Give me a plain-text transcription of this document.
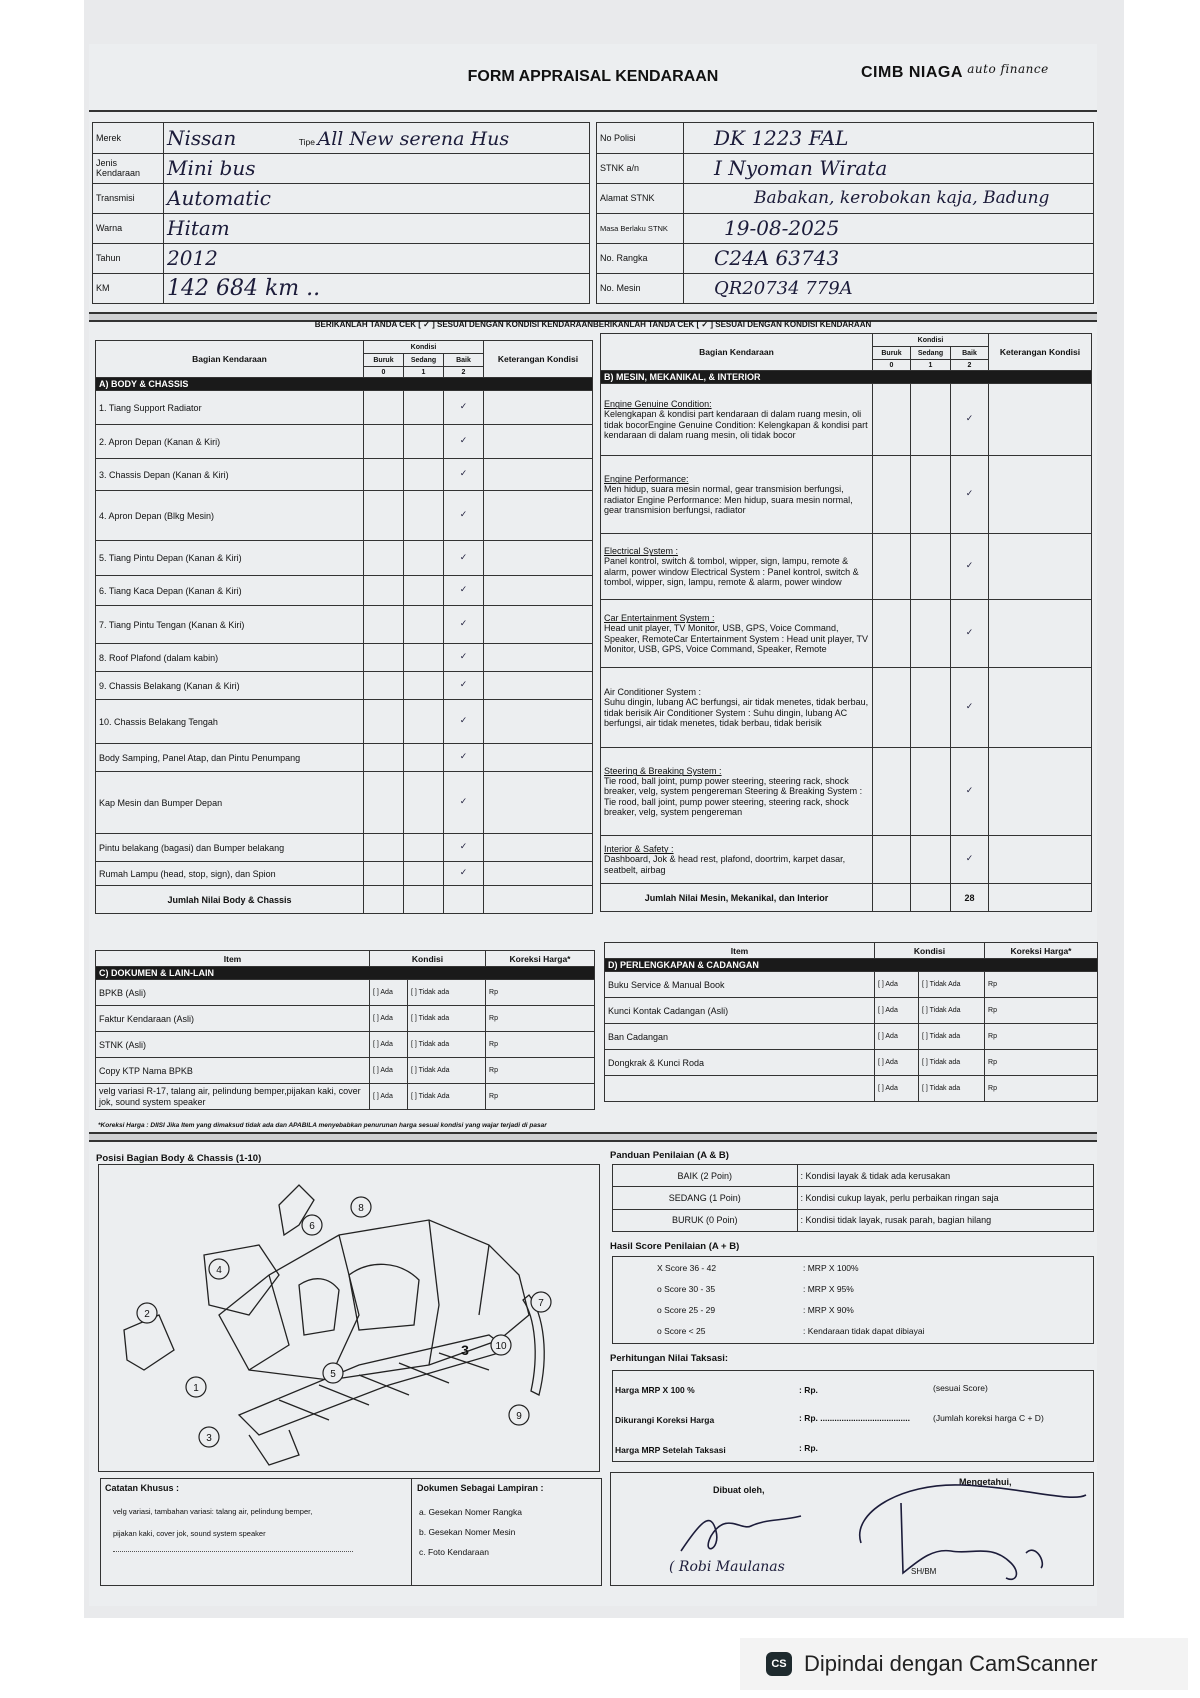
FORM APPRAISAL KENDARAAN	CIMB NIAGA $^{auto finance}$
Merek	Nissan Tipe All New serena Hus
Jenis Kendaraan	Mini bus
Transmisi	Automatic
Warna	Hitam
Tahun	2012
KM	142 684 km ..
No Polisi	DK 1223 FAL
STNK a/n	I Nyoman Wirata
Alamat STNK	Babakan, kerobokan kaja, Badung
Masa Berlaku STNK	19-08-2025
No. Rangka	C24A 63743
No. Mesin	QR20734 779A
BERIKANLAH TANDA CEK [ ✓ ] SESUAI DENGAN KONDISI KENDARAANBERIKANLAH TANDA CEK [ ✓ ] SESUAI DENGAN KONDISI KENDARAAN
Bagian Kendaraan	Kondisi			Keterangan Kondisi
	Buruk	Sedang	Baik	
	0	1	2	
A) BODY & CHASSIS				
1. Tiang Support Radiator			✓	
2. Apron Depan (Kanan & Kiri)			✓	
3. Chassis Depan (Kanan & Kiri)			✓	
4. Apron Depan (Blkg Mesin)			✓	
5. Tiang Pintu Depan (Kanan & Kiri)			✓	
6. Tiang Kaca Depan (Kanan & Kiri)			✓	
7. Tiang Pintu Tengan (Kanan & Kiri)			✓	
8. Roof Plafond (dalam kabin)			✓	
9. Chassis Belakang (Kanan & Kiri)			✓	
10. Chassis Belakang Tengah			✓	
Body Samping, Panel Atap, dan Pintu Penumpang			✓	
Kap Mesin dan Bumper Depan			✓	
Pintu belakang (bagasi) dan Bumper belakang			✓	
Rumah Lampu (head, stop, sign), dan Spion			✓	
Jumlah Nilai Body & Chassis				
Bagian Kendaraan	Kondisi			Keterangan Kondisi
	Buruk	Sedang	Baik	
	0	1	2	
B) MESIN, MEKANIKAL, & INTERIOR				
Engine Genuine Condition:
Kelengkapan & kondisi part kendaraan di dalam ruang mesin, oli tidak bocorEngine Genuine Condition: Kelengkapan & kondisi part kendaraan di dalam ruang mesin, oli tidak bocor			✓	
Engine Performance:
Men hidup, suara mesin normal, gear transmision berfungsi, radiator Engine Performance: Men hidup, suara mesin normal, gear transmision berfungsi, radiator			✓	
Electrical System :
Panel kontrol, switch & tombol, wipper, sign, lampu, remote & alarm, power window Electrical System : Panel kontrol, switch & tombol, wipper, sign, lampu, remote & alarm, power window			✓	
Car Entertainment System :
Head unit player, TV Monitor, USB, GPS, Voice Command, Speaker, RemoteCar Entertainment System : Head unit player, TV Monitor, USB, GPS, Voice Command, Speaker, Remote			✓	
Air Conditioner System :
Suhu dingin, lubang AC berfungsi, air tidak menetes, tidak berbau, tidak berisik Air Conditioner System : Suhu dingin, lubang AC berfungsi, air tidak menetes, tidak berbau, tidak berisik			✓	
Steering & Breaking System :
Tie rood, ball joint, pump power steering, steering rack, shock breaker, velg, system pengereman Steering & Breaking System : Tie rood, ball joint, pump power steering, steering rack, shock breaker, velg, system pengereman			✓	
Interior & Safety :
Dashboard, Jok & head rest, plafond, doortrim, karpet dasar, seatbelt, airbag			✓	
Jumlah Nilai Mesin, Mekanikal, dan Interior			28	
Item	Kondisi		Koreksi Harga*
C) DOKUMEN & LAIN-LAIN			
BPKB (Asli)	[ ] Ada	[ ] Tidak ada	Rp
Faktur Kendaraan (Asli)	[ ] Ada	[ ] Tidak ada	Rp
STNK (Asli)	[ ] Ada	[ ] Tidak ada	Rp
Copy KTP Nama BPKB	[ ] Ada	[ ] Tidak Ada	Rp
velg variasi R-17, talang air, pelindung bemper,pijakan kaki, cover jok, sound system speaker	[ ] Ada	[ ] Tidak Ada	Rp
*Koreksi Harga : DIISI Jika Item yang dimaksud tidak ada dan APABILA menyebabkan penurunan harga sesuai kondisi yang wajar terjadi di pasar
Item	Kondisi		Koreksi Harga*
D) PERLENGKAPAN & CADANGAN			
Buku Service & Manual Book	[ ] Ada	[ ] Tidak Ada	Rp
Kunci Kontak Cadangan (Asli)	[ ] Ada	[ ] Tidak Ada	Rp
Ban Cadangan	[ ] Ada	[ ] Tidak ada	Rp
Dongkrak & Kunci Roda	[ ] Ada	[ ] Tidak ada	Rp
	[ ] Ada	[ ] Tidak ada	Rp
Posisi Bagian Body & Chassis (1-10)
1
2
3
4
5
6
7
8
9
10
3
Panduan Penilaian (A & B)
BAIK (2 Poin)	: Kondisi layak & tidak ada kerusakan
SEDANG (1 Poin)	: Kondisi cukup layak, perlu perbaikan ringan saja
BURUK (0 Poin)	: Kondisi tidak layak, rusak parah, bagian hilang
Hasil Score Penilaian (A + B)
X Score 36 - 42	: MRP X 100%
o Score 30 - 35	: MRP X 95%
o Score 25 - 29	: MRP X 90%
o Score < 25	: Kendaraan tidak dapat dibiayai
Perhitungan Nilai Taksasi:
Harga MRP X 100 %	: Rp.	(sesuai Score)
Dikurangi Koreksi Harga	: Rp. ......................................	(Jumlah koreksi harga C + D)
Harga MRP Setelah Taksasi	: Rp.
Catatan Khusus :
velg variasi, tambahan variasi: talang air, pelindung bemper,
pijakan kaki, cover jok, sound system speaker
Dokumen Sebagai Lampiran :
a. Gesekan Nomer Rangka
b. Gesekan Nomer Mesin
c. Foto Kendaraan
Dibuat oleh,
Mengetahui,
( Robi Maulanas	SH/BM
CS Dipindai dengan CamScanner
